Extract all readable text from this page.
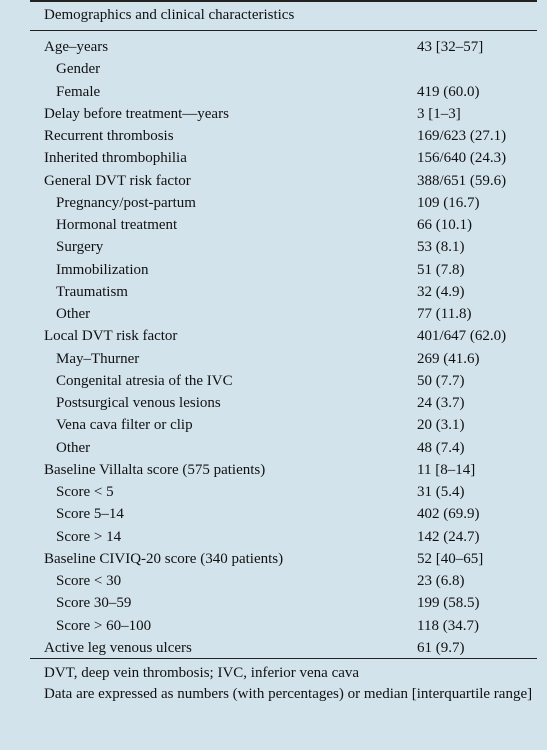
Demographics and clinical characteristics
Age–years	43 [32–57]
Gender
Female	419 (60.0)
Delay before treatment—years	3 [1–3]
Recurrent thrombosis	169/623 (27.1)
Inherited thrombophilia	156/640 (24.3)
General DVT risk factor	388/651 (59.6)
Pregnancy/post-partum	109 (16.7)
Hormonal treatment	66 (10.1)
Surgery	53 (8.1)
Immobilization	51 (7.8)
Traumatism	32 (4.9)
Other	77 (11.8)
Local DVT risk factor	401/647 (62.0)
May–Thurner	269 (41.6)
Congenital atresia of the IVC	50 (7.7)
Postsurgical venous lesions	24 (3.7)
Vena cava filter or clip	20 (3.1)
Other	48 (7.4)
Baseline Villalta score (575 patients)	11 [8–14]
Score < 5	31 (5.4)
Score 5–14	402 (69.9)
Score > 14	142 (24.7)
Baseline CIVIQ-20 score (340 patients)	52 [40–65]
Score < 30	23 (6.8)
Score 30–59	199 (58.5)
Score > 60–100	118 (34.7)
Active leg venous ulcers	61 (9.7)

DVT, deep vein thrombosis; IVC, inferior vena cava

Data are expressed as numbers (with percentages) or median [interquartile range]
